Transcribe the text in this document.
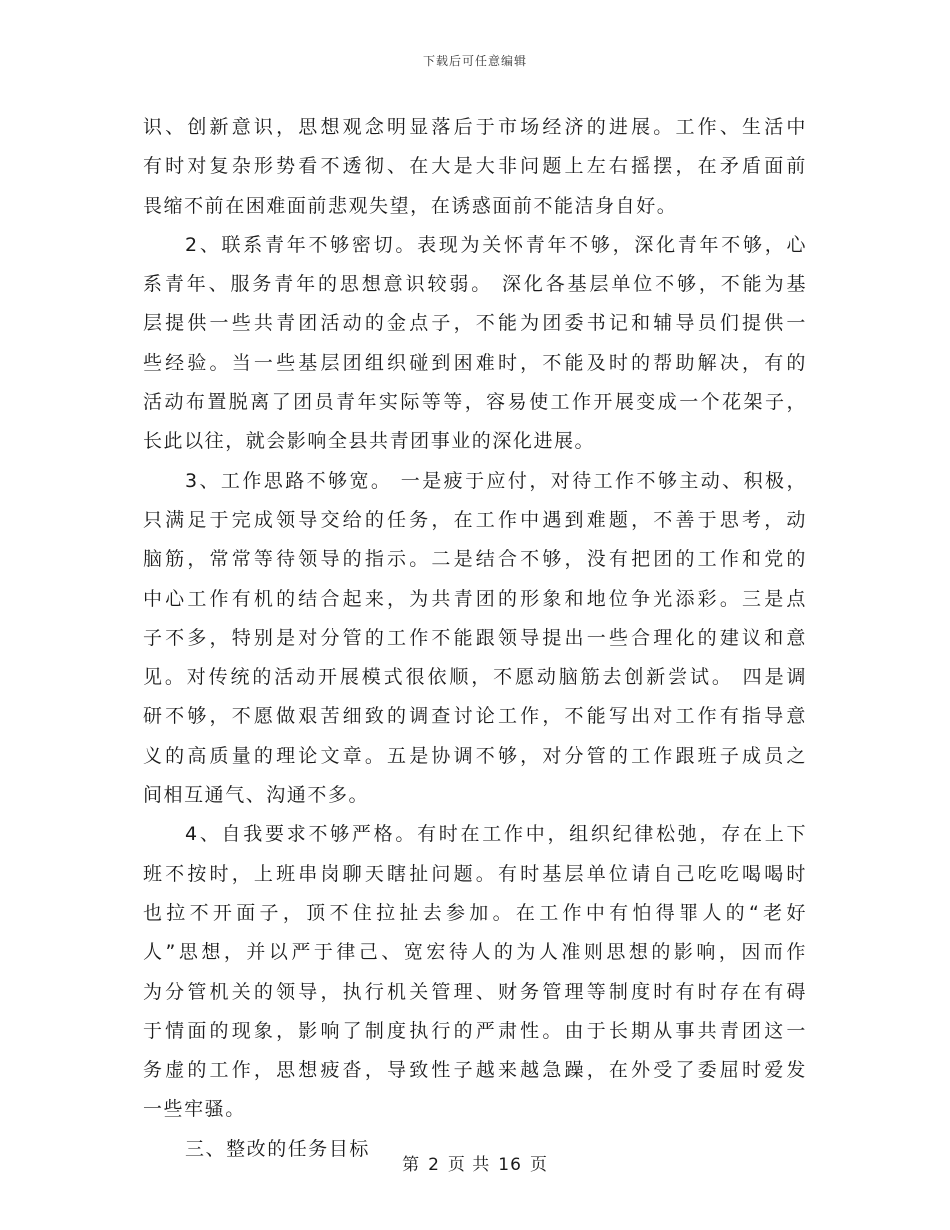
下载后可任意编辑
识、创新意识，思想观念明显落后于市场经济的进展。工作、生活中
有时对复杂形势看不透彻、在大是大非问题上左右摇摆，在矛盾面前
畏缩不前在困难面前悲观失望，在诱惑面前不能洁身自好。
2、联系青年不够密切。表现为关怀青年不够，深化青年不够，心
系青年、服务青年的思想意识较弱。 深化各基层单位不够，不能为基
层提供一些共青团活动的金点子，不能为团委书记和辅导员们提供一
些经验。当一些基层团组织碰到困难时，不能及时的帮助解决，有的
活动布置脱离了团员青年实际等等，容易使工作开展变成一个花架子，
长此以往，就会影响全县共青团事业的深化进展。
3、工作思路不够宽。 一是疲于应付，对待工作不够主动、积极，
只满足于完成领导交给的任务，在工作中遇到难题，不善于思考，动
脑筋，常常等待领导的指示。二是结合不够，没有把团的工作和党的
中心工作有机的结合起来，为共青团的形象和地位争光添彩。三是点
子不多，特别是对分管的工作不能跟领导提出一些合理化的建议和意
见。对传统的活动开展模式很依顺，不愿动脑筋去创新尝试。 四是调
研不够，不愿做艰苦细致的调查讨论工作，不能写出对工作有指导意
义的高质量的理论文章。五是协调不够，对分管的工作跟班子成员之
间相互通气、沟通不多。
4、自我要求不够严格。有时在工作中，组织纪律松弛，存在上下
班不按时，上班串岗聊天瞎扯问题。有时基层单位请自己吃吃喝喝时
也拉不开面子，顶不住拉扯去参加。在工作中有怕得罪人的“老好
人”思想，并以严于律己、宽宏待人的为人准则思想的影响，因而作
为分管机关的领导，执行机关管理、财务管理等制度时有时存在有碍
于情面的现象，影响了制度执行的严肃性。由于长期从事共青团这一
务虚的工作，思想疲沓，导致性子越来越急躁，在外受了委屈时爱发
一些牢骚。
三、整改的任务目标
第 2 页 共 16 页
